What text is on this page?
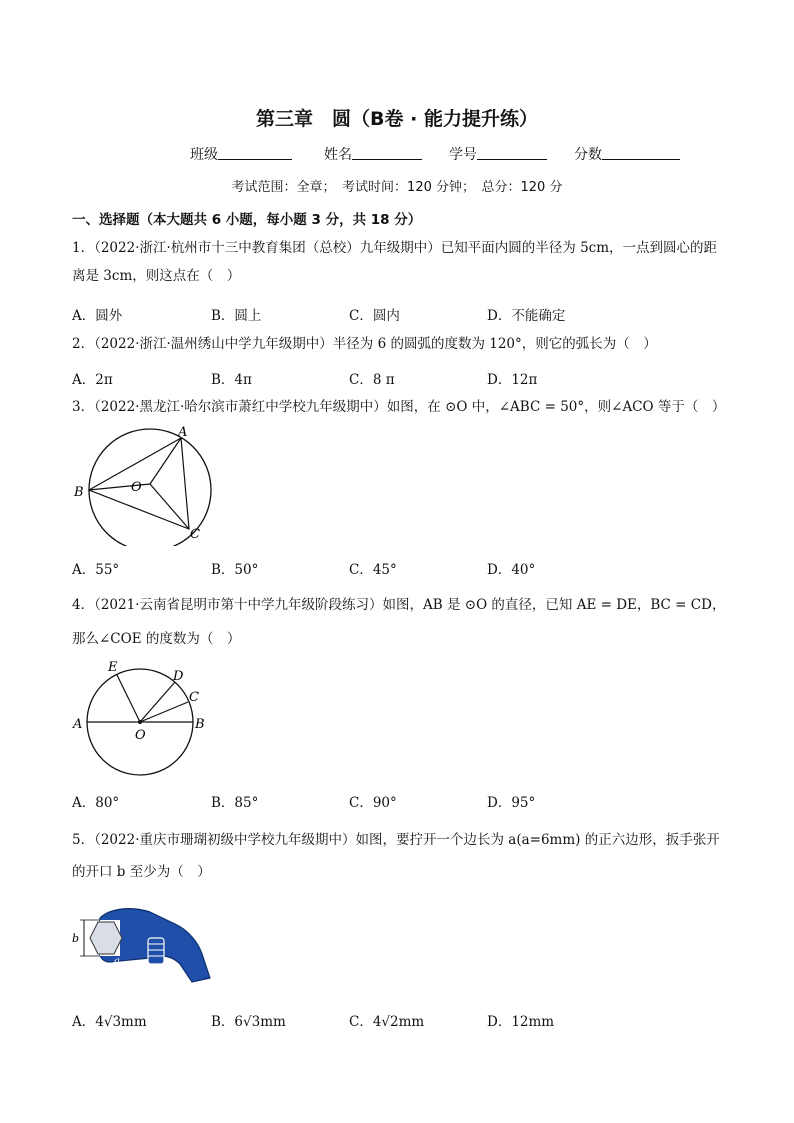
第三章　圆（B卷 · 能力提升练）
班级	姓名	学号	分数
考试范围：全章；　考试时间：120 分钟；　总分：120 分
一、选择题（本大题共 6 小题，每小题 3 分，共 18 分）
1．（2022·浙江·杭州市十三中教育集团（总校）九年级期中）已知平面内圆的半径为 5cm，一点到圆心的距
离是 3cm，则这点在（　）
A．圆外	B．圆上	C．圆内	D．不能确定
2．（2022·浙江·温州绣山中学九年级期中）半径为 6 的圆弧的度数为 120°，则它的弧长为（　）
A．2π	B．4π	C．8 π	D．12π
3．（2022·黑龙江·哈尔滨市萧红中学校九年级期中）如图，在 ⊙O 中，∠ABC = 50°，则∠ACO 等于（　）
A
B	O
C
A．55°	B．50°	C．45°	D．40°
4．（2021·云南省昆明市第十中学九年级阶段练习）如图，AB 是 ⊙O 的直径，已知 AE = DE，BC = CD，
那么∠COE 的度数为（　）
E
D
C
A
O
B
A．80°	B．85°	C．90°	D．95°
5．（2022·重庆市珊瑚初级中学校九年级期中）如图，要拧开一个边长为 a(a=6mm) 的正六边形，扳手张开
的开口 b 至少为（　）
b
a
A．4√3mm	B．6√3mm	C．4√2mm	D．12mm
